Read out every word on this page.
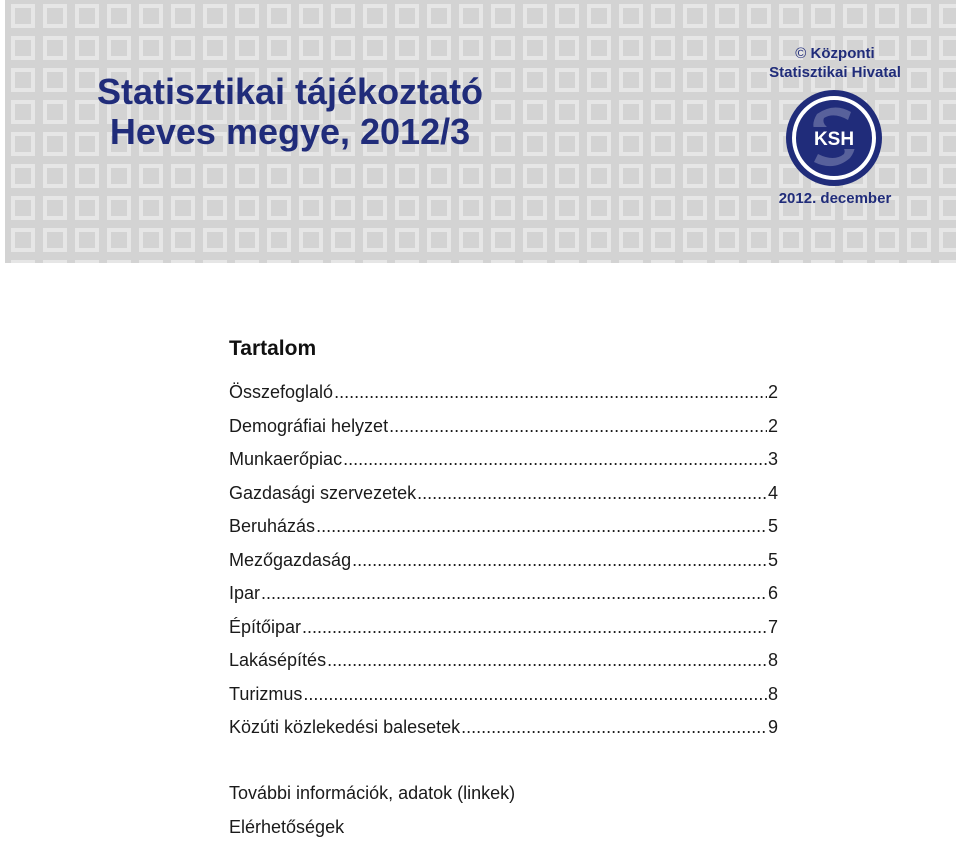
Statisztikai tájékoztató
Heves megye, 2012/3
© Központi
Statisztikai Hivatal
KSH
2012. december
Tartalom
Összefoglaló .....	2
Demográfiai helyzet .....	2
Munkaerőpiac .....	3
Gazdasági szervezetek .....	4
Beruházás .....	5
Mezőgazdaság .....	5
Ipar .....	6
Építőipar .....	7
Lakásépítés .....	8
Turizmus .....	8
Közúti közlekedési balesetek .....	9
További információk, adatok (linkek)
Elérhetőségek
